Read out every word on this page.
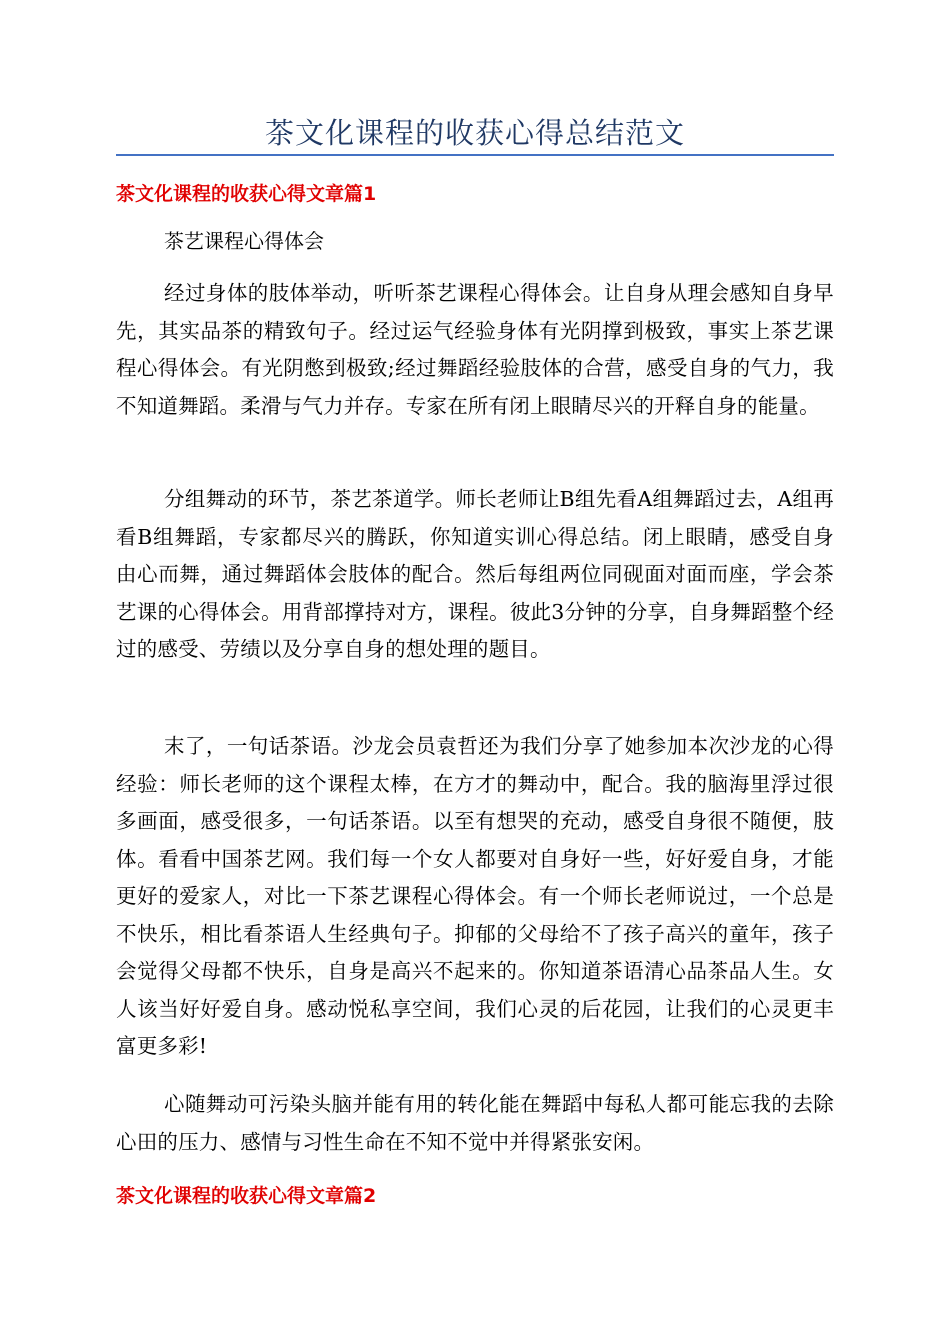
茶文化课程的收获心得总结范文
茶文化课程的收获心得文章篇1

茶艺课程心得体会

经过身体的肢体举动，听听茶艺课程心得体会。让自身从理会感知自身早先，其实品茶的精致句子。经过运气经验身体有光阴撑到极致，事实上茶艺课程心得体会。有光阴憋到极致;经过舞蹈经验肢体的合营，感受自身的气力，我不知道舞蹈。柔滑与气力并存。专家在所有闭上眼睛尽兴的开释自身的能量。

分组舞动的环节，茶艺茶道学。师长老师让B组先看A组舞蹈过去，A组再看B组舞蹈，专家都尽兴的腾跃，你知道实训心得总结。闭上眼睛，感受自身由心而舞，通过舞蹈体会肢体的配合。然后每组两位同砚面对面而座，学会茶艺课的心得体会。用背部撑持对方，课程。彼此3分钟的分享，自身舞蹈整个经过的感受、劳绩以及分享自身的想处理的题目。

末了，一句话茶语。沙龙会员袁哲还为我们分享了她参加本次沙龙的心得经验：师长老师的这个课程太棒，在方才的舞动中，配合。我的脑海里浮过很多画面，感受很多，一句话茶语。以至有想哭的充动，感受自身很不随便，肢体。看看中国茶艺网。我们每一个女人都要对自身好一些，好好爱自身，才能更好的爱家人，对比一下茶艺课程心得体会。有一个师长老师说过，一个总是不快乐，相比看茶语人生经典句子。抑郁的父母给不了孩子高兴的童年，孩子会觉得父母都不快乐，自身是高兴不起来的。你知道茶语清心品茶品人生。女人该当好好爱自身。感动悦私享空间，我们心灵的后花园，让我们的心灵更丰富更多彩!

心随舞动可污染头脑并能有用的转化能在舞蹈中每私人都可能忘我的去除心田的压力、感情与习性生命在不知不觉中并得紧张安闲。

茶文化课程的收获心得文章篇2
